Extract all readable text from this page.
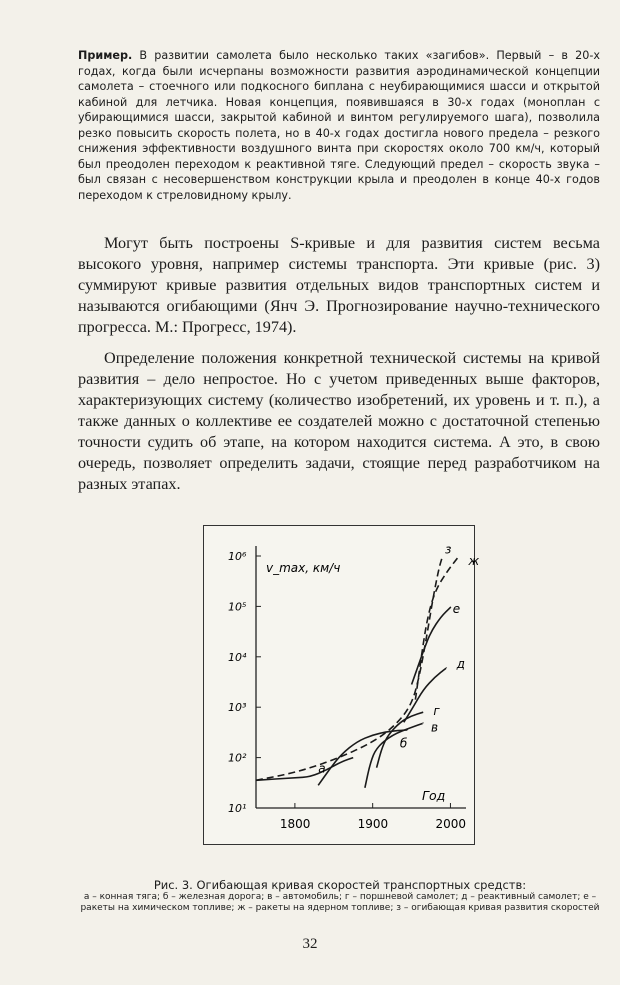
Пример. В развитии самолета было несколько таких «загибов». Первый – в 20-х годах, когда были исчерпаны возможности развития аэродинамической концепции самолета – стоечного или подкосного биплана с неубирающимися шасси и открытой кабиной для летчика. Новая концепция, появившаяся в 30-х годах (моноплан с убирающимися шасси, закрытой кабиной и винтом регулируемого шага), позволила резко повысить скорость полета, но в 40-х годах достигла нового предела – резкого снижения эффективности воздушного винта при скоростях около 700 км/ч, который был преодолен переходом к реактивной тяге. Следующий предел – скорость звука – был связан с несовершенством конструкции крыла и преодолен в конце 40-х годов переходом к стреловидному крылу.

Могут быть построены S-кривые и для развития систем весьма высокого уровня, например системы транспорта. Эти кривые (рис. 3) суммируют кривые развития отдельных видов транспортных систем и называются огибающими (Янч Э. Прогнозирование научно-технического прогресса. М.: Прогресс, 1974).

Определение положения конкретной технической системы на кривой развития – дело непростое. Но с учетом приведенных выше факторов, характеризующих систему (количество изобретений, их уровень и т. п.), а также данных о коллективе ее создателей можно с достаточной степенью точности судить об этапе, на котором находится система. А это, в свою очередь, позволяет определить задачи, стоящие перед разработчиком на разных этапах.

10¹
10²
10³
10⁴
10⁵
10⁶
1800	1900	2000
а
б
в
г
д
е
ж
з
v_max, км/ч
Год

Рис. 3. Огибающая кривая скоростей транспортных средств:
а – конная тяга; б – железная дорога; в – автомобиль; г – поршневой самолет; д – реактивный самолет; е – ракеты на химическом топливе; ж – ракеты на ядерном топливе; з – огибающая кривая развития скоростей

32
